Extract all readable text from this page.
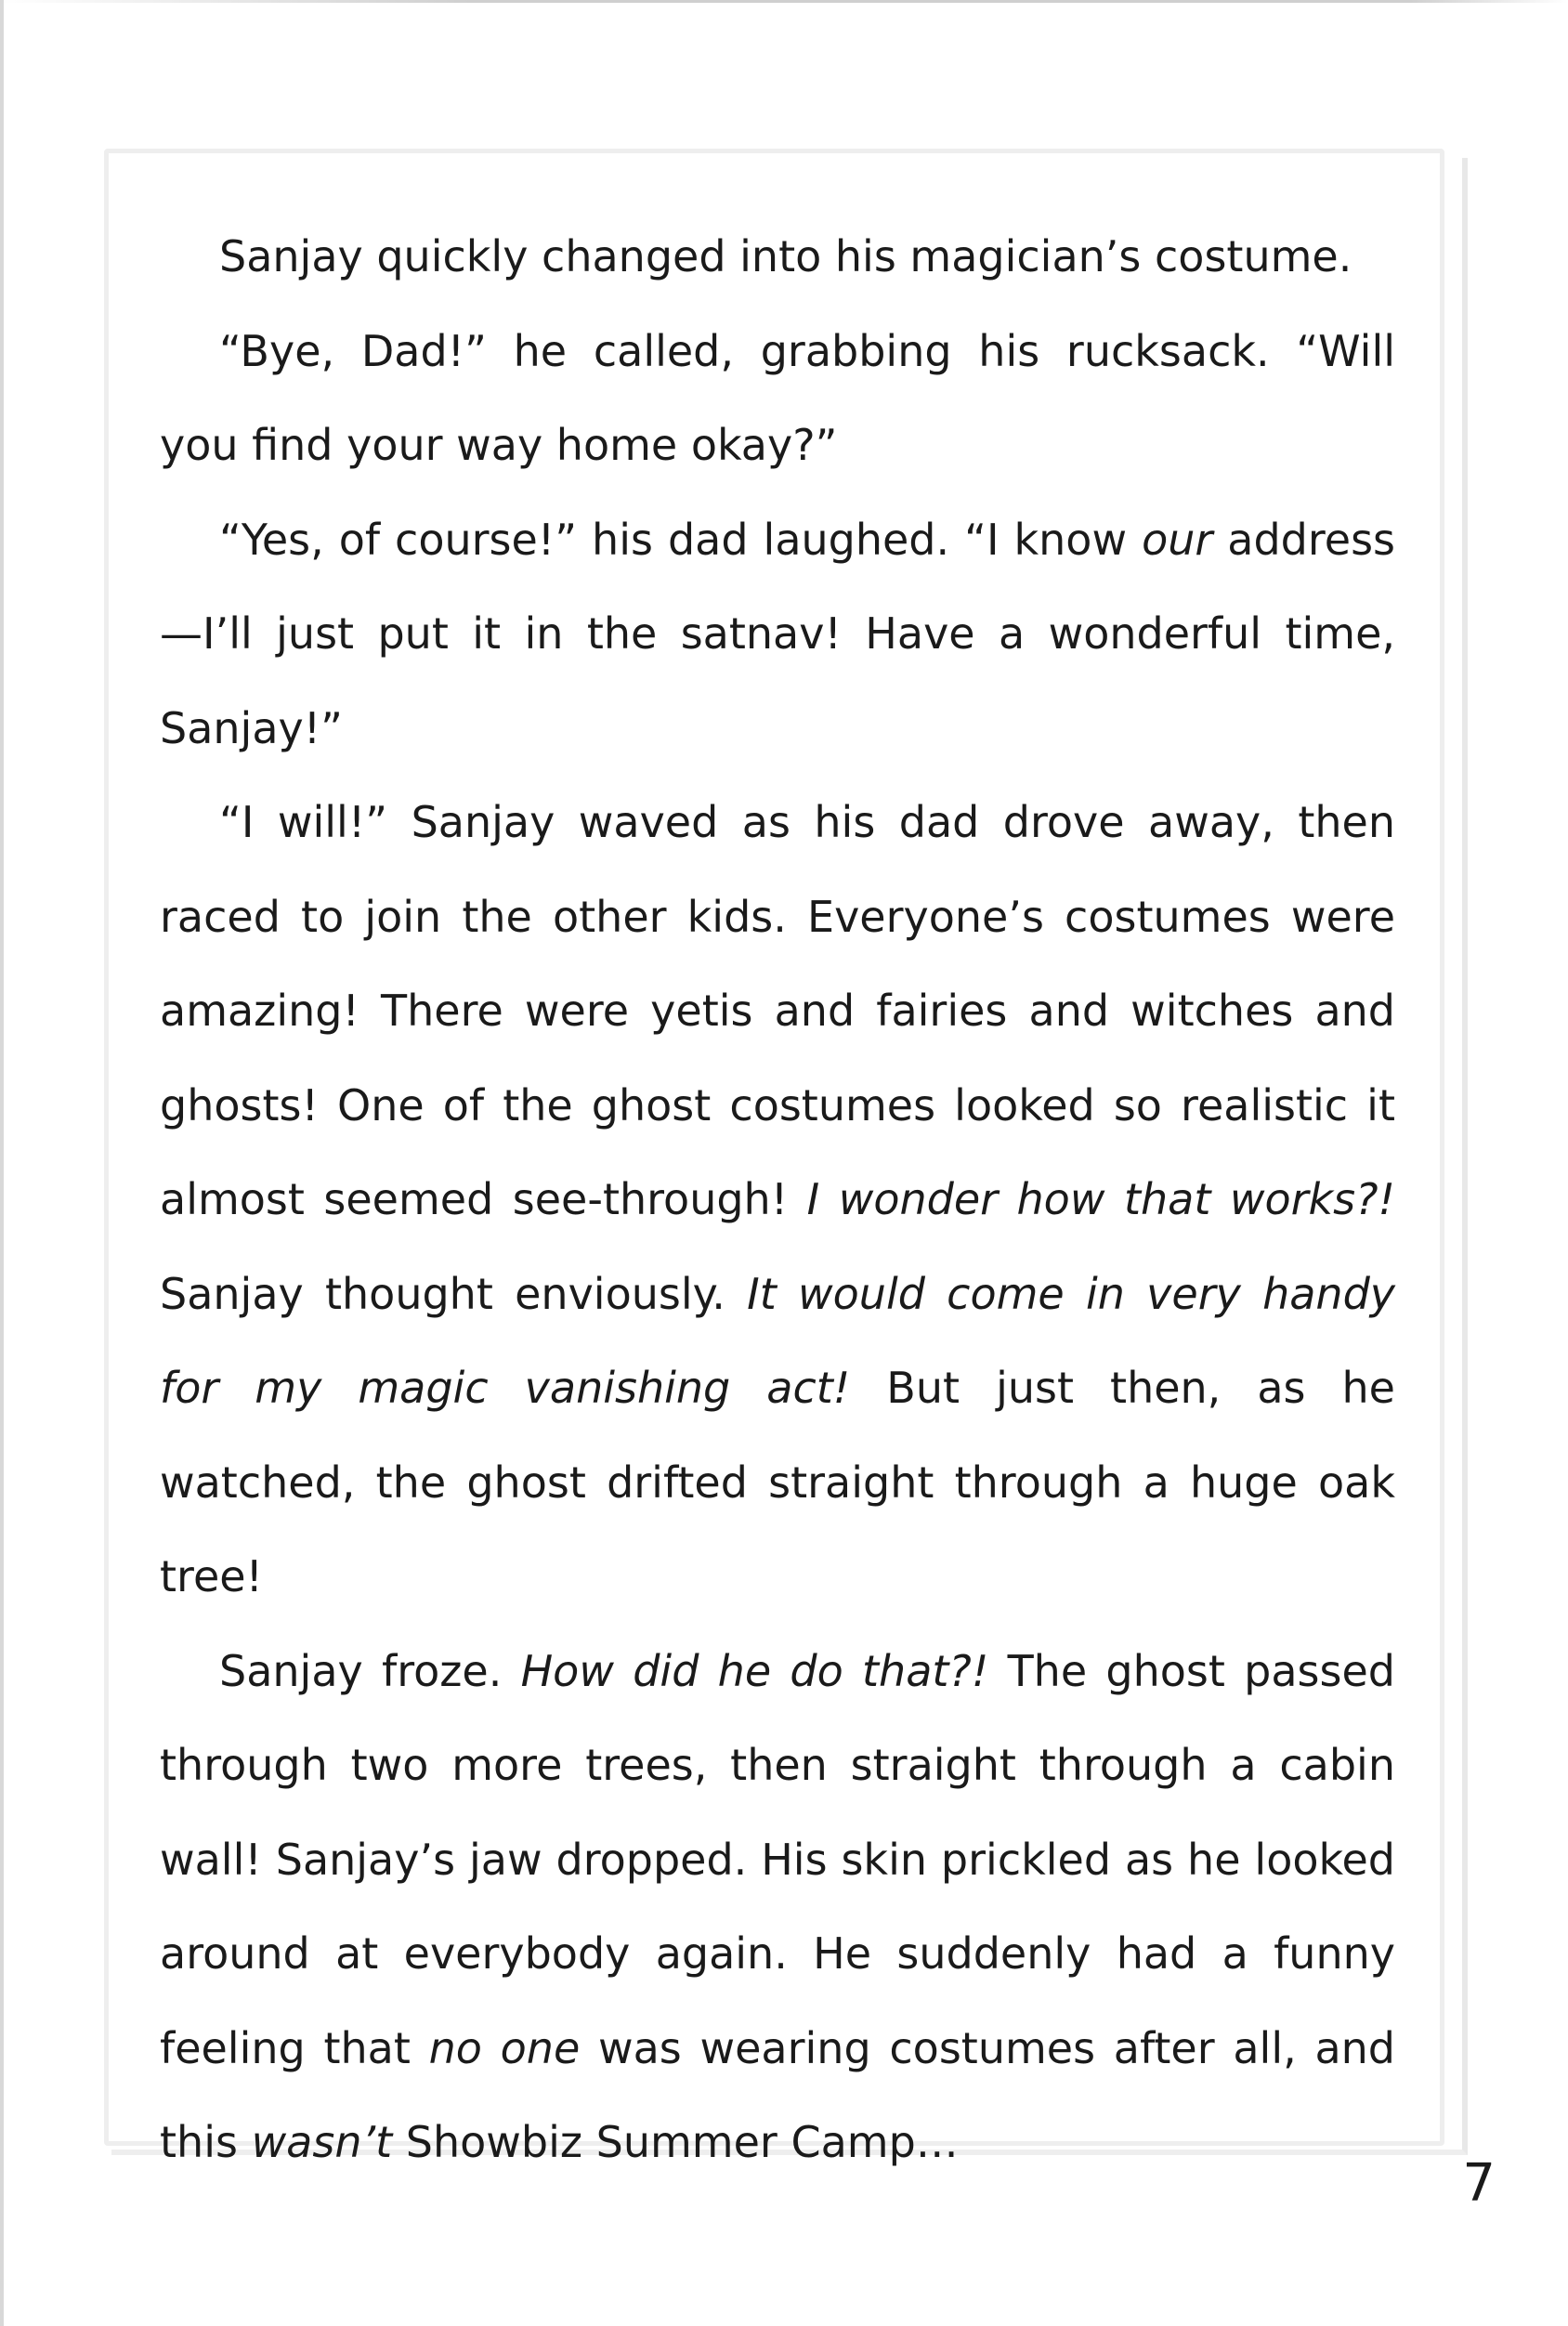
Sanjay quickly changed into his magician’s costume.

“Bye, Dad!” he called, grabbing his rucksack. “Will you find your way home okay?”

“Yes, of course!” his dad laughed. “I know our address—I’ll just put it in the satnav! Have a wonderful time, Sanjay!”

“I will!” Sanjay waved as his dad drove away, then raced to join the other kids. Everyone’s costumes were amazing! There were yetis and fairies and witches and ghosts! One of the ghost costumes looked so realistic it almost seemed see-through! I wonder how that works?! Sanjay thought enviously. It would come in very handy for my magic vanishing act! But just then, as he watched, the ghost drifted straight through a huge oak tree!

Sanjay froze. How did he do that?! The ghost passed through two more trees, then straight through a cabin wall! Sanjay’s jaw dropped. His skin prickled as he looked around at everybody again. He suddenly had a funny feeling that no one was wearing costumes after all, and this wasn’t Showbiz Summer Camp…

7
